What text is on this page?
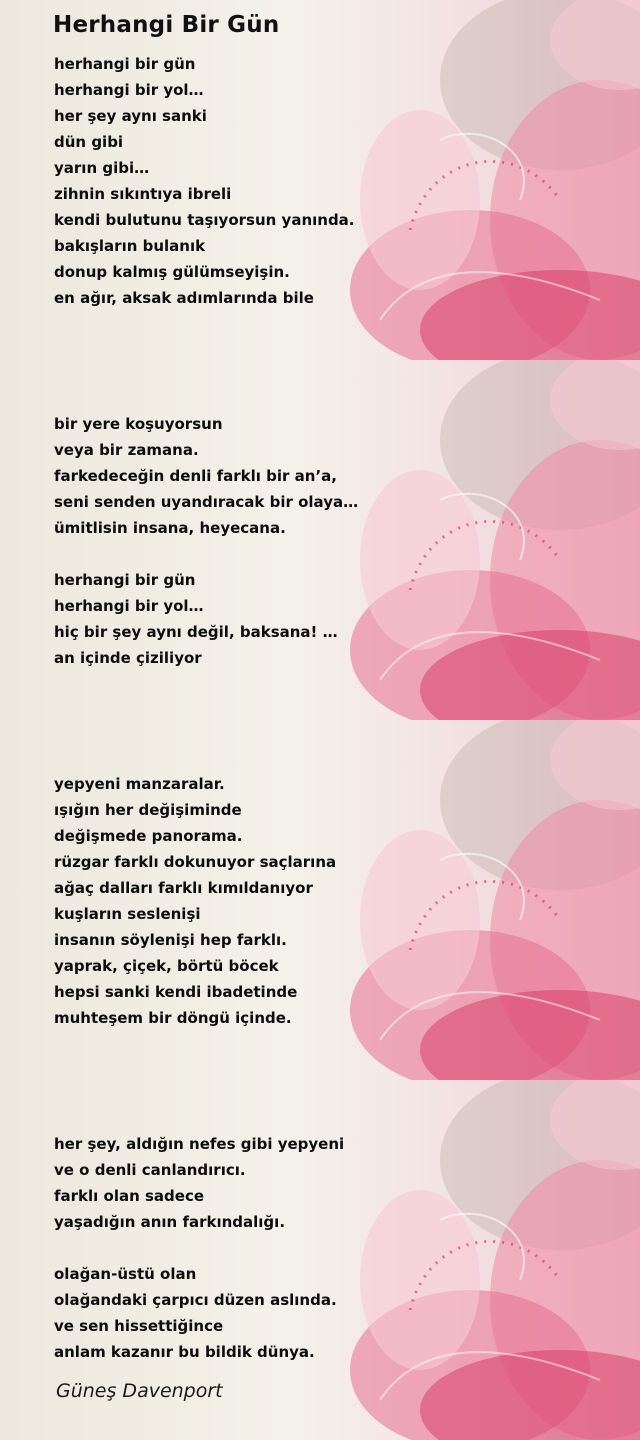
Herhangi Bir Gün
herhangi bir gün
herhangi bir yol…
her şey aynı sanki
dün gibi
yarın gibi…
zihnin sıkıntıya ibreli
kendi bulutunu taşıyorsun yanında.
bakışların bulanık
donup kalmış gülümseyişin.
en ağır, aksak adımlarında bile
bir yere koşuyorsun
veya bir zamana.
farkedeceğin denli farklı bir an’a,
seni senden uyandıracak bir olaya…
ümitlisin insana, heyecana.
herhangi bir gün
herhangi bir yol…
hiç bir şey aynı değil, baksana! …
an içinde çiziliyor
yepyeni manzaralar.
ışığın her değişiminde
değişmede panorama.
rüzgar farklı dokunuyor saçlarına
ağaç dalları farklı kımıldanıyor
kuşların seslenişi
insanın söylenişi hep farklı.
yaprak, çiçek, börtü böcek
hepsi sanki kendi ibadetinde
muhteşem bir döngü içinde.
her şey, aldığın nefes gibi yepyeni
ve o denli canlandırıcı.
farklı olan sadece
yaşadığın anın farkındalığı.
olağan-üstü olan
olağandaki çarpıcı düzen aslında.
ve sen hissettiğince
anlam kazanır bu bildik dünya.
Güneş Davenport
